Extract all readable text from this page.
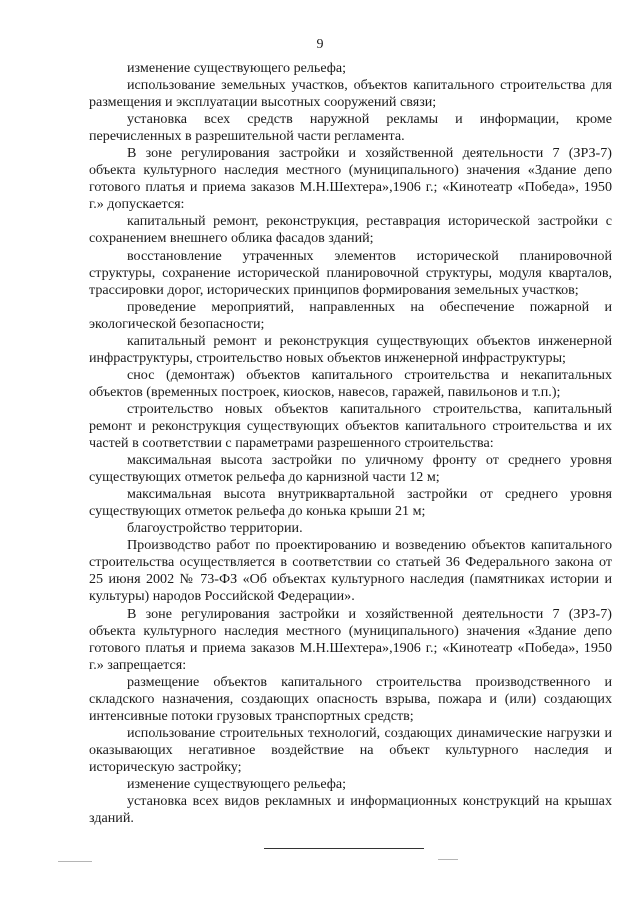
9

изменение существующего рельефа;

использование земельных участков, объектов капитального строительства для размещения и эксплуатации высотных сооружений связи;

установка всех средств наружной рекламы и информации, кроме перечисленных в разрешительной части регламента.

В зоне регулирования застройки и хозяйственной деятельности 7 (ЗРЗ-7) объекта культурного наследия местного (муниципального) значения «Здание депо готового платья и приема заказов М.Н.Шехтера»,1906 г.; «Кинотеатр «Победа», 1950 г.» допускается:

капитальный ремонт, реконструкция, реставрация исторической застройки с сохранением внешнего облика фасадов зданий;

восстановление утраченных элементов исторической планировочной структуры, сохранение исторической планировочной структуры, модуля кварталов, трассировки дорог, исторических принципов формирования земельных участков;

проведение мероприятий, направленных на обеспечение пожарной и экологической безопасности;

капитальный ремонт и реконструкция существующих объектов инженерной инфраструктуры, строительство новых объектов инженерной инфраструктуры;

снос (демонтаж) объектов капитального строительства и некапитальных объектов (временных построек, киосков, навесов, гаражей, павильонов и т.п.);

строительство новых объектов капитального строительства, капитальный ремонт и реконструкция существующих объектов капитального строительства и их частей в соответствии с параметрами разрешенного строительства:

максимальная высота застройки по уличному фронту от среднего уровня существующих отметок рельефа до карнизной части 12 м;

максимальная высота внутриквартальной застройки от среднего уровня существующих отметок рельефа до конька крыши 21 м;

благоустройство территории.

Производство работ по проектированию и возведению объектов капитального строительства осуществляется в соответствии со статьей 36 Федерального закона от 25 июня 2002 № 73-ФЗ «Об объектах культурного наследия (памятниках истории и культуры) народов Российской Федерации».

В зоне регулирования застройки и хозяйственной деятельности 7 (ЗРЗ-7) объекта культурного наследия местного (муниципального) значения «Здание депо готового платья и приема заказов М.Н.Шехтера»,1906 г.; «Кинотеатр «Победа», 1950 г.» запрещается:

размещение объектов капитального строительства производственного и складского назначения, создающих опасность взрыва, пожара и (или) создающих интенсивные потоки грузовых транспортных средств;

использование строительных технологий, создающих динамические нагрузки и оказывающих негативное воздействие на объект культурного наследия и историческую застройку;

изменение существующего рельефа;

установка всех видов рекламных и информационных конструкций на крышах зданий.
